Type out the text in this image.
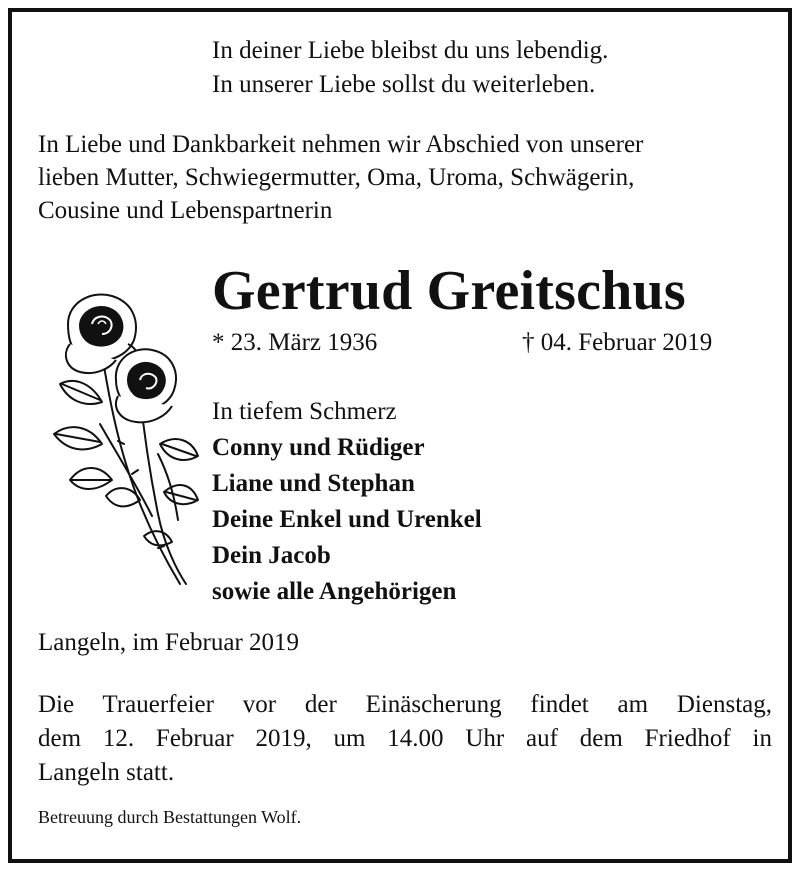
In deiner Liebe bleibst du uns lebendig.
In unserer Liebe sollst du weiterleben.
In Liebe und Dankbarkeit nehmen wir Abschied von unserer
lieben Mutter, Schwiegermutter, Oma, Uroma, Schwägerin,
Cousine und Lebenspartnerin
Gertrud Greitschus
* 23. März 1936	† 04. Februar 2019
In tiefem Schmerz
Conny und Rüdiger
Liane und Stephan
Deine Enkel und Urenkel
Dein Jacob
sowie alle Angehörigen
Langeln, im Februar 2019
Die Trauerfeier vor der Einäscherung findet am Dienstag,
dem 12. Februar 2019, um 14.00 Uhr auf dem Friedhof in
Langeln statt.
Betreuung durch Bestattungen Wolf.
